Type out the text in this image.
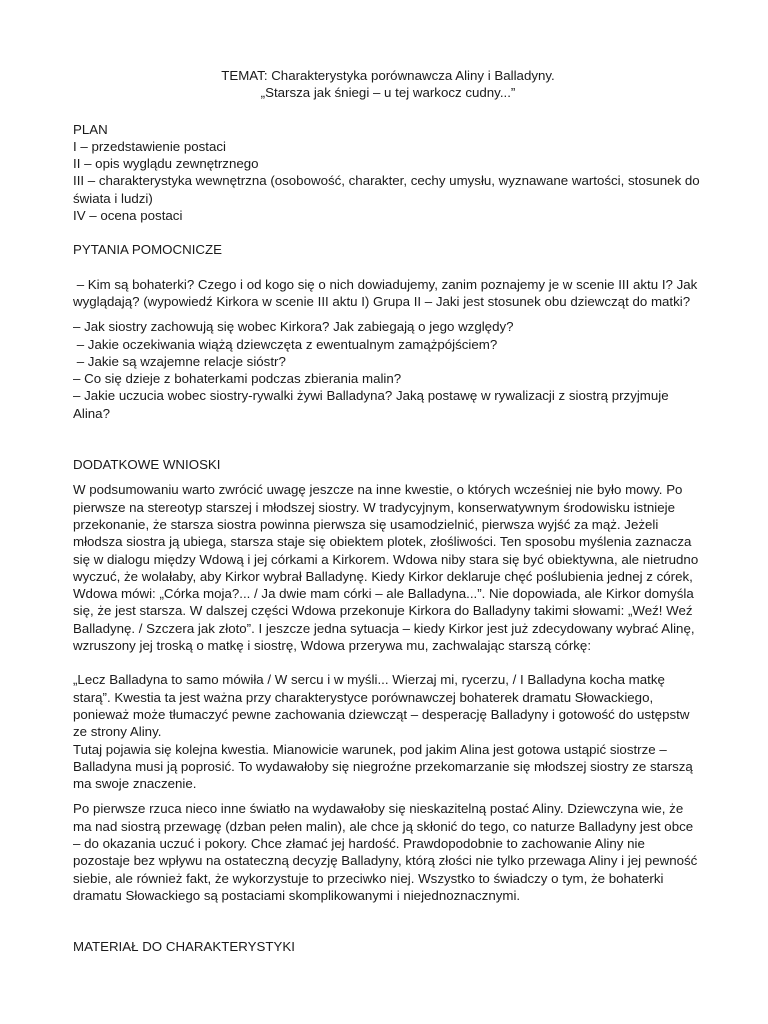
TEMAT: Charakterystyka porównawcza Aliny i Balladyny.

„Starsza jak śniegi – u tej warkocz cudny...”

PLAN

I – przedstawienie postaci

II – opis wyglądu zewnętrznego

III – charakterystyka wewnętrzna (osobowość, charakter, cechy umysłu, wyznawane wartości, stosunek do świata i ludzi)

IV – ocena postaci

PYTANIA POMOCNICZE

– Kim są bohaterki? Czego i od kogo się o nich dowiadujemy, zanim poznajemy je w scenie III aktu I? Jak wyglądają? (wypowiedź Kirkora w scenie III aktu I) Grupa II – Jaki jest stosunek obu dziewcząt do matki?

– Jak siostry zachowują się wobec Kirkora? Jak zabiegają o jego względy?

– Jakie oczekiwania wiążą dziewczęta z ewentualnym zamążpójściem?

– Jakie są wzajemne relacje sióstr?

– Co się dzieje z bohaterkami podczas zbierania malin?

– Jakie uczucia wobec siostry-rywalki żywi Balladyna? Jaką postawę w rywalizacji z siostrą przyjmuje Alina?

DODATKOWE WNIOSKI

W podsumowaniu warto zwrócić uwagę jeszcze na inne kwestie, o których wcześniej nie było mowy. Po pierwsze na stereotyp starszej i młodszej siostry. W tradycyjnym, konserwatywnym środowisku istnieje przekonanie, że starsza siostra powinna pierwsza się usamodzielnić, pierwsza wyjść za mąż. Jeżeli młodsza siostra ją ubiega, starsza staje się obiektem plotek, złośliwości. Ten sposobu myślenia zaznacza się w dialogu między Wdową i jej córkami a Kirkorem. Wdowa niby stara się być obiektywna, ale nietrudno wyczuć, że wolałaby, aby Kirkor wybrał Balladynę. Kiedy Kirkor deklaruje chęć poślubienia jednej z córek, Wdowa mówi: „Córka moja?... / Ja dwie mam córki – ale Balladyna...”. Nie dopowiada, ale Kirkor domyśla się, że jest starsza. W dalszej części Wdowa przekonuje Kirkora do Balladyny takimi słowami: „Weź! Weź Balladynę. / Szczera jak złoto”. I jeszcze jedna sytuacja – kiedy Kirkor jest już zdecydowany wybrać Alinę, wzruszony jej troską o matkę i siostrę, Wdowa przerywa mu, zachwalając starszą córkę:

„Lecz Balladyna to samo mówiła / W sercu i w myśli... Wierzaj mi, rycerzu, / I Balladyna kocha matkę starą”. Kwestia ta jest ważna przy charakterystyce porównawczej bohaterek dramatu Słowackiego, ponieważ może tłumaczyć pewne zachowania dziewcząt – desperację Balladyny i gotowość do ustępstw ze strony Aliny.

Tutaj pojawia się kolejna kwestia. Mianowicie warunek, pod jakim Alina jest gotowa ustąpić siostrze – Balladyna musi ją poprosić. To wydawałoby się niegroźne przekomarzanie się młodszej siostry ze starszą ma swoje znaczenie.

Po pierwsze rzuca nieco inne światło na wydawałoby się nieskazitelną postać Aliny. Dziewczyna wie, że ma nad siostrą przewagę (dzban pełen malin), ale chce ją skłonić do tego, co naturze Balladyny jest obce – do okazania uczuć i pokory. Chce złamać jej hardość. Prawdopodobnie to zachowanie Aliny nie pozostaje bez wpływu na ostateczną decyzję Balladyny, którą złości nie tylko przewaga Aliny i jej pewność siebie, ale również fakt, że wykorzystuje to przeciwko niej. Wszystko to świadczy o tym, że bohaterki dramatu Słowackiego są postaciami skomplikowanymi i niejednoznacznymi.

MATERIAŁ DO CHARAKTERYSTYKI
